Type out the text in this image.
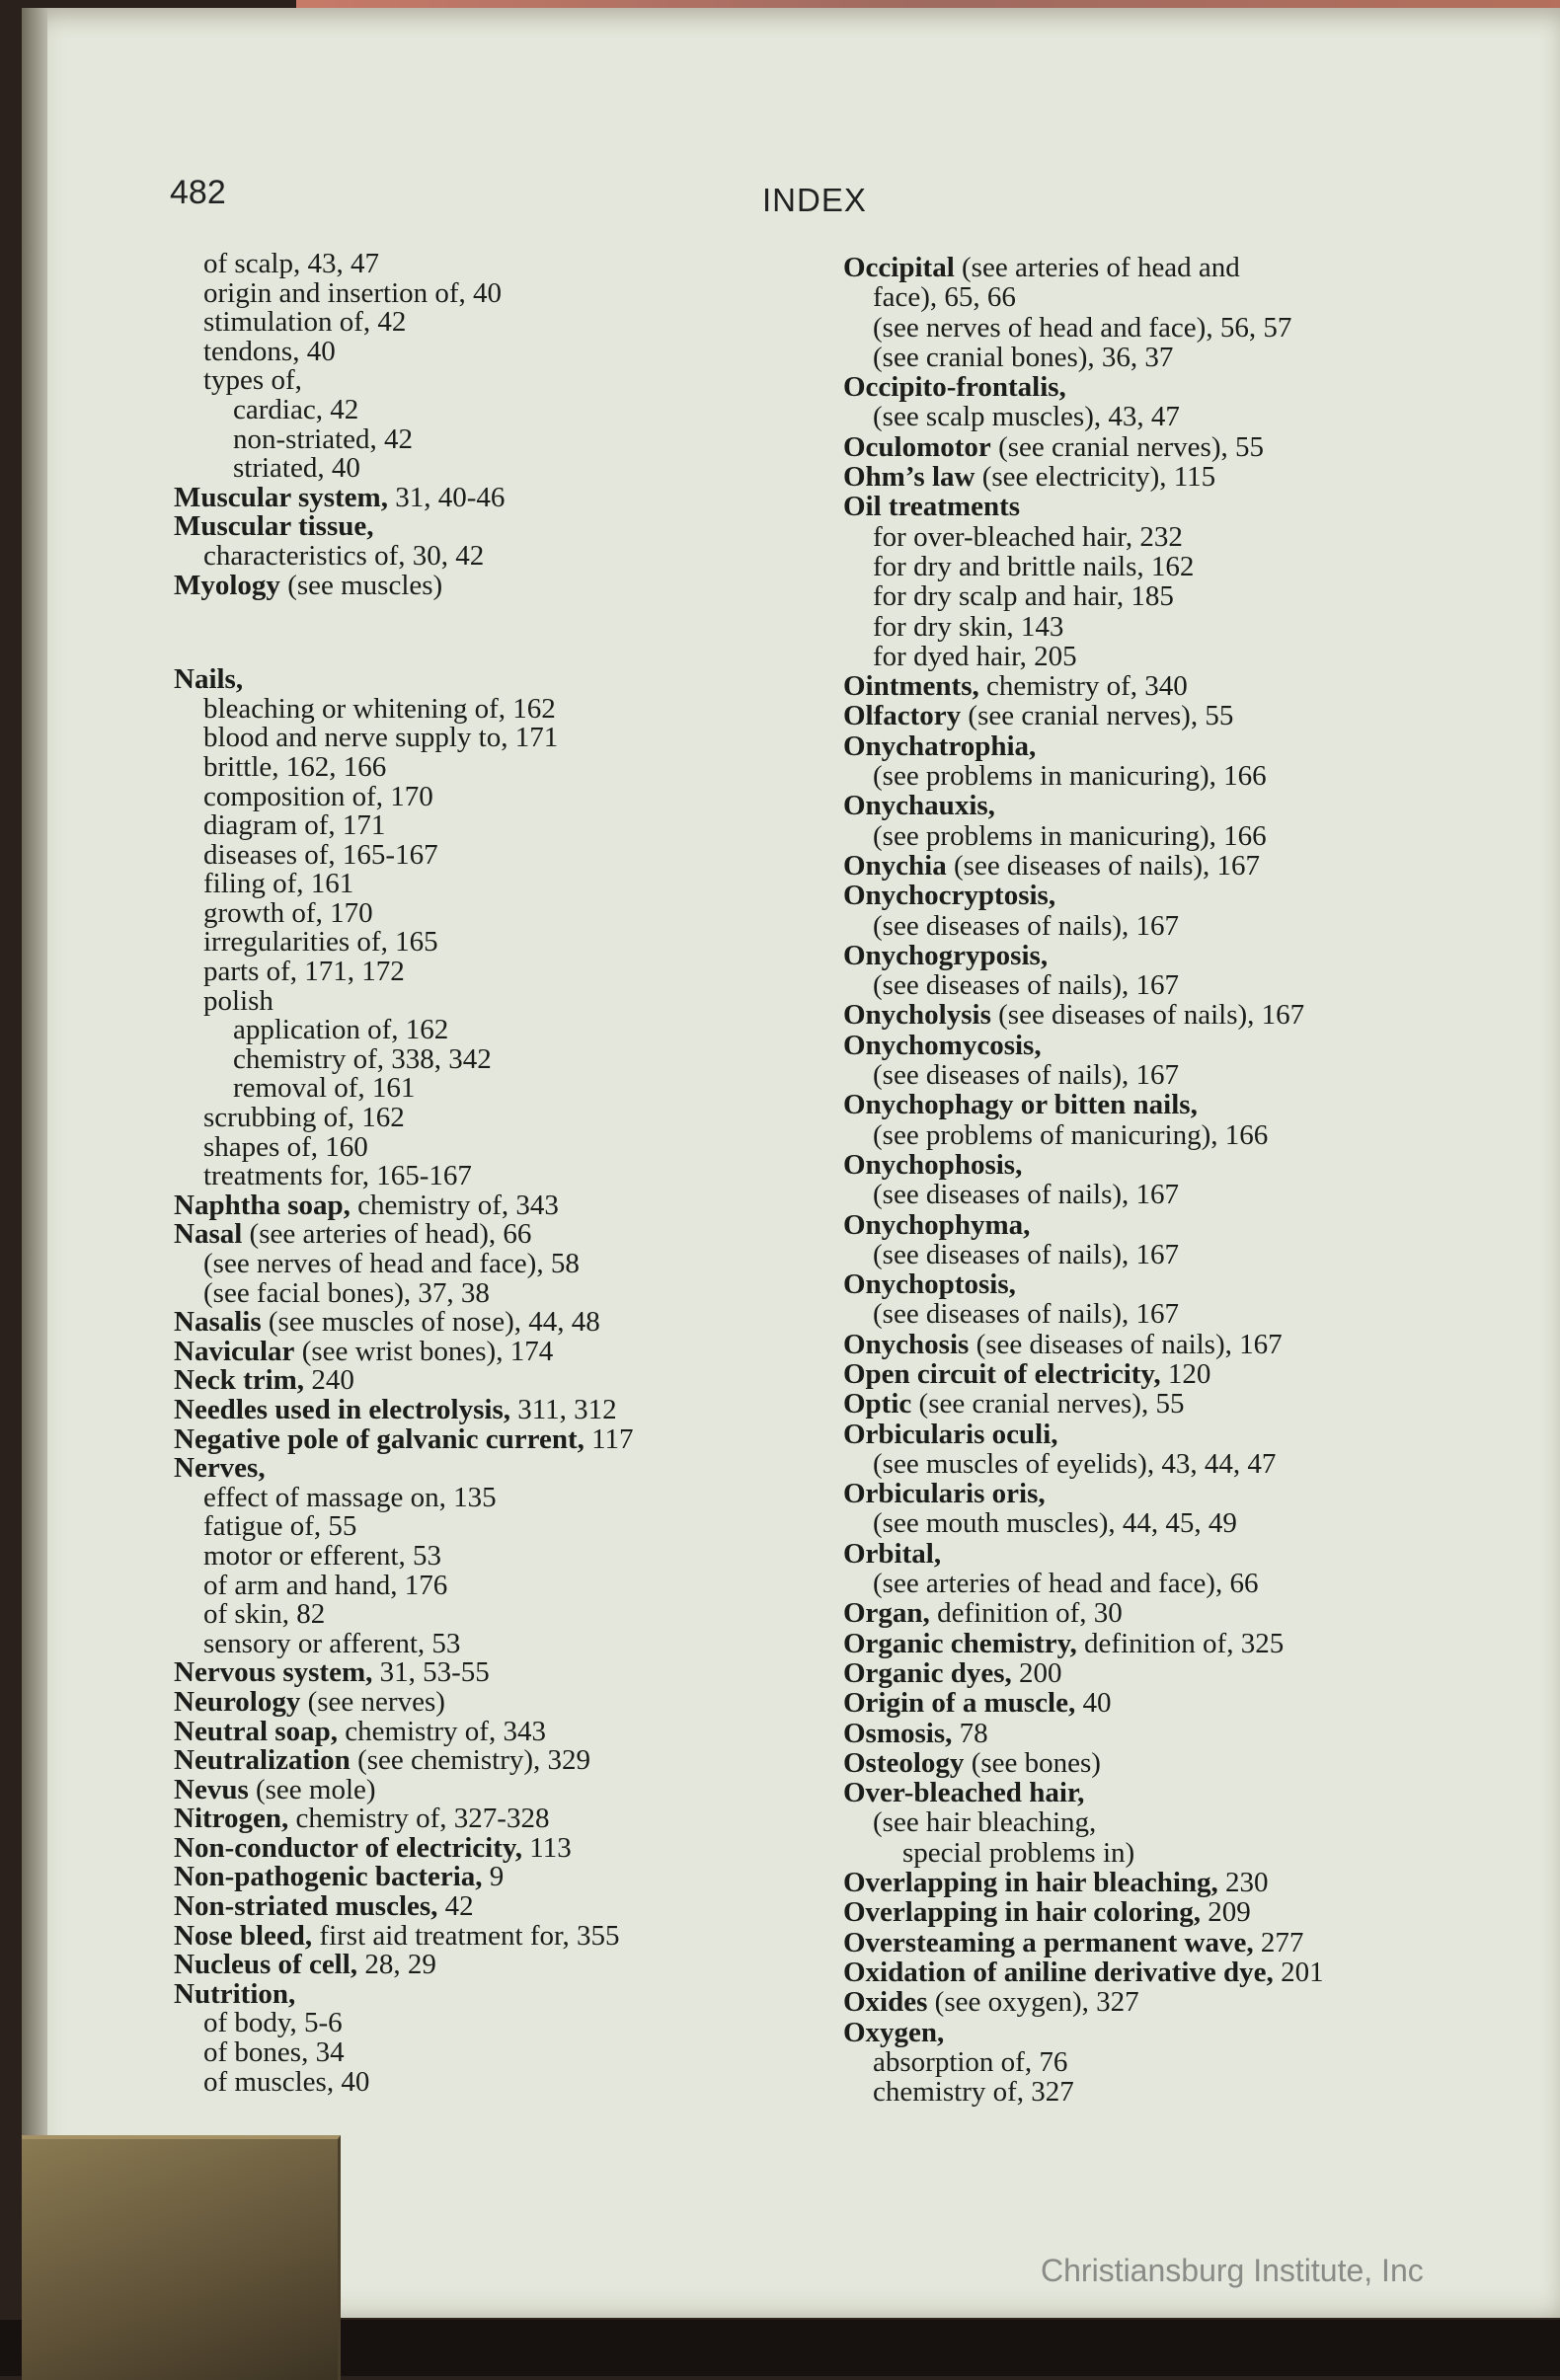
482	INDEX
of scalp, 43, 47
origin and insertion of, 40
stimulation of, 42
tendons, 40
types of,
cardiac, 42
non-striated, 42
striated, 40
Muscular system, 31, 40-46
Muscular tissue,
characteristics of, 30, 42
Myology (see muscles)
Nails,
bleaching or whitening of, 162
blood and nerve supply to, 171
brittle, 162, 166
composition of, 170
diagram of, 171
diseases of, 165-167
filing of, 161
growth of, 170
irregularities of, 165
parts of, 171, 172
polish
application of, 162
chemistry of, 338, 342
removal of, 161
scrubbing of, 162
shapes of, 160
treatments for, 165-167
Naphtha soap, chemistry of, 343
Nasal (see arteries of head), 66
(see nerves of head and face), 58
(see facial bones), 37, 38
Nasalis (see muscles of nose), 44, 48
Navicular (see wrist bones), 174
Neck trim, 240
Needles used in electrolysis, 311, 312
Negative pole of galvanic current, 117
Nerves,
effect of massage on, 135
fatigue of, 55
motor or efferent, 53
of arm and hand, 176
of skin, 82
sensory or afferent, 53
Nervous system, 31, 53-55
Neurology (see nerves)
Neutral soap, chemistry of, 343
Neutralization (see chemistry), 329
Nevus (see mole)
Nitrogen, chemistry of, 327-328
Non-conductor of electricity, 113
Non-pathogenic bacteria, 9
Non-striated muscles, 42
Nose bleed, first aid treatment for, 355
Nucleus of cell, 28, 29
Nutrition,
of body, 5-6
of bones, 34
of muscles, 40
Occipital (see arteries of head and
face), 65, 66
(see nerves of head and face), 56, 57
(see cranial bones), 36, 37
Occipito-frontalis,
(see scalp muscles), 43, 47
Oculomotor (see cranial nerves), 55
Ohm’s law (see electricity), 115
Oil treatments
for over-bleached hair, 232
for dry and brittle nails, 162
for dry scalp and hair, 185
for dry skin, 143
for dyed hair, 205
Ointments, chemistry of, 340
Olfactory (see cranial nerves), 55
Onychatrophia,
(see problems in manicuring), 166
Onychauxis,
(see problems in manicuring), 166
Onychia (see diseases of nails), 167
Onychocryptosis,
(see diseases of nails), 167
Onychogryposis,
(see diseases of nails), 167
Onycholysis (see diseases of nails), 167
Onychomycosis,
(see diseases of nails), 167
Onychophagy or bitten nails,
(see problems of manicuring), 166
Onychophosis,
(see diseases of nails), 167
Onychophyma,
(see diseases of nails), 167
Onychoptosis,
(see diseases of nails), 167
Onychosis (see diseases of nails), 167
Open circuit of electricity, 120
Optic (see cranial nerves), 55
Orbicularis oculi,
(see muscles of eyelids), 43, 44, 47
Orbicularis oris,
(see mouth muscles), 44, 45, 49
Orbital,
(see arteries of head and face), 66
Organ, definition of, 30
Organic chemistry, definition of, 325
Organic dyes, 200
Origin of a muscle, 40
Osmosis, 78
Osteology (see bones)
Over-bleached hair,
(see hair bleaching,
special problems in)
Overlapping in hair bleaching, 230
Overlapping in hair coloring, 209
Oversteaming a permanent wave, 277
Oxidation of aniline derivative dye, 201
Oxides (see oxygen), 327
Oxygen,
absorption of, 76
chemistry of, 327
Christiansburg Institute, Inc
